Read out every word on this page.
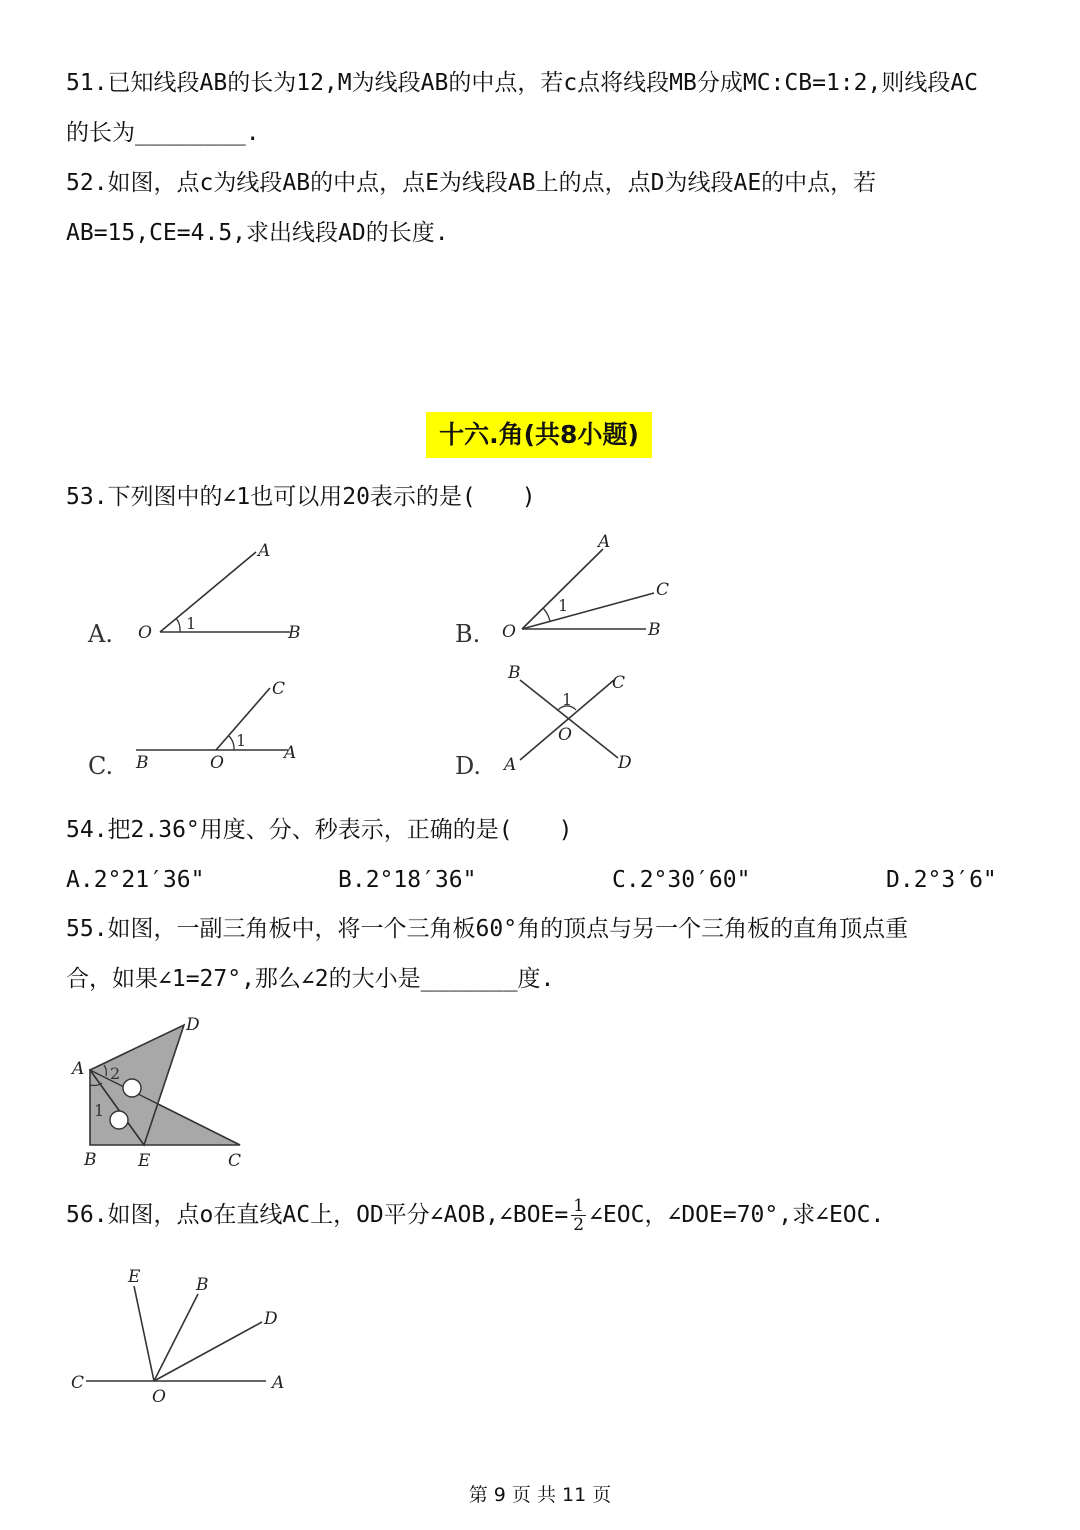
51.已知线段AB的长为12,M为线段AB的中点，若c点将线段MB分成MC:CB=1:2,则线段AC
的长为________.
52.如图，点c为线段AB的中点，点E为线段AB上的点，点D为线段AE的中点，若
AB=15,CE=4.5,求出线段AD的长度.
十六.角(共8小题)
53.下列图中的∠1也可以用20表示的是(　　)
A. O
A
B
1	B. O
A
C
B
1
C. B	O
C
A
1
D.
B	C
O
A	D
1
54.把2.36°用度、分、秒表示，正确的是(　　)
A.2°21′36"	B.2°18′36"	C.2°30′60"	D.2°3′6"
55.如图，一副三角板中，将一个三角板60°角的顶点与另一个三角板的直角顶点重
合，如果∠1=27°,那么∠2的大小是_______度.
A
D
B E	C
1
2
56.如图，点o在直线AC上，OD平分∠AOB,∠BOE= $\frac{1}{2}$ ∠EOC，∠DOE=70°,求∠EOC.
E	B
D
C
O
A
第 9 页 共 11 页
